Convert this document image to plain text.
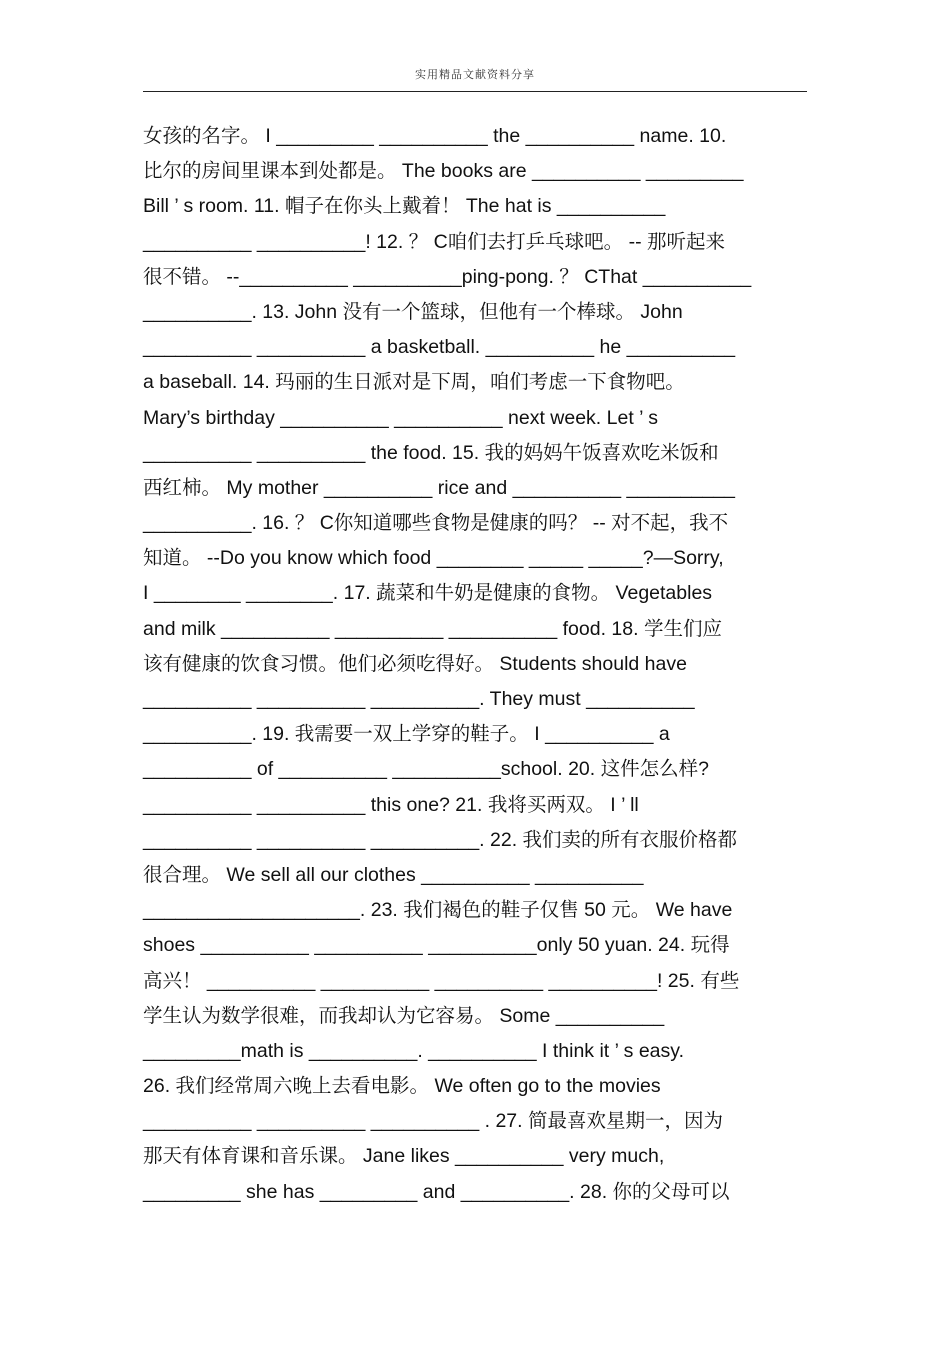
实用精品文献资料分享
女孩的名字。 I _________ __________ the __________ name. 10.
比尔的房间里课本到处都是。 The books are __________ _________
Bill ’ s room. 11. 帽子在你头上戴着！ The hat is __________
__________ __________! 12. ？ C咱们去打乒乓球吧。 -- 那听起来
很不错。 --__________ __________ping-pong. ？ CThat __________
__________. 13. John 没有一个篮球，但他有一个棒球。 John
__________ __________ a basketball. __________ he __________
a baseball. 14. 玛丽的生日派对是下周，咱们考虑一下食物吧。
Mary’s birthday __________ __________ next week. Let ’ s
__________ __________ the food. 15. 我的妈妈午饭喜欢吃米饭和
西红柿。 My mother __________ rice and __________ __________
__________. 16. ？ C你知道哪些食物是健康的吗？ -- 对不起，我不
知道。 --Do you know which food ________ _____ _____?—Sorry,
I ________ ________. 17. 蔬菜和牛奶是健康的食物。 Vegetables
and milk __________ __________ __________ food. 18. 学生们应
该有健康的饮食习惯。他们必须吃得好。 Students should have
__________ __________ __________. They must __________
__________. 19. 我需要一双上学穿的鞋子。 I __________ a
__________ of __________ __________school. 20. 这件怎么样?
__________ __________ this one? 21. 我将买两双。 I ’ ll
__________ __________ __________. 22. 我们卖的所有衣服价格都
很合理。 We sell all our clothes __________ __________
____________________. 23. 我们褐色的鞋子仅售 50 元。 We have
shoes __________ __________ __________only 50 yuan. 24. 玩得
高兴！ __________ __________ __________ __________! 25. 有些
学生认为数学很难，而我却认为它容易。 Some __________
_________math is __________. __________ I think it ’ s easy.
26. 我们经常周六晚上去看电影。 We often go to the movies
__________ __________ __________ . 27. 简最喜欢星期一，因为
那天有体育课和音乐课。 Jane likes __________ very much,
_________ she has _________ and __________. 28. 你的父母可以
